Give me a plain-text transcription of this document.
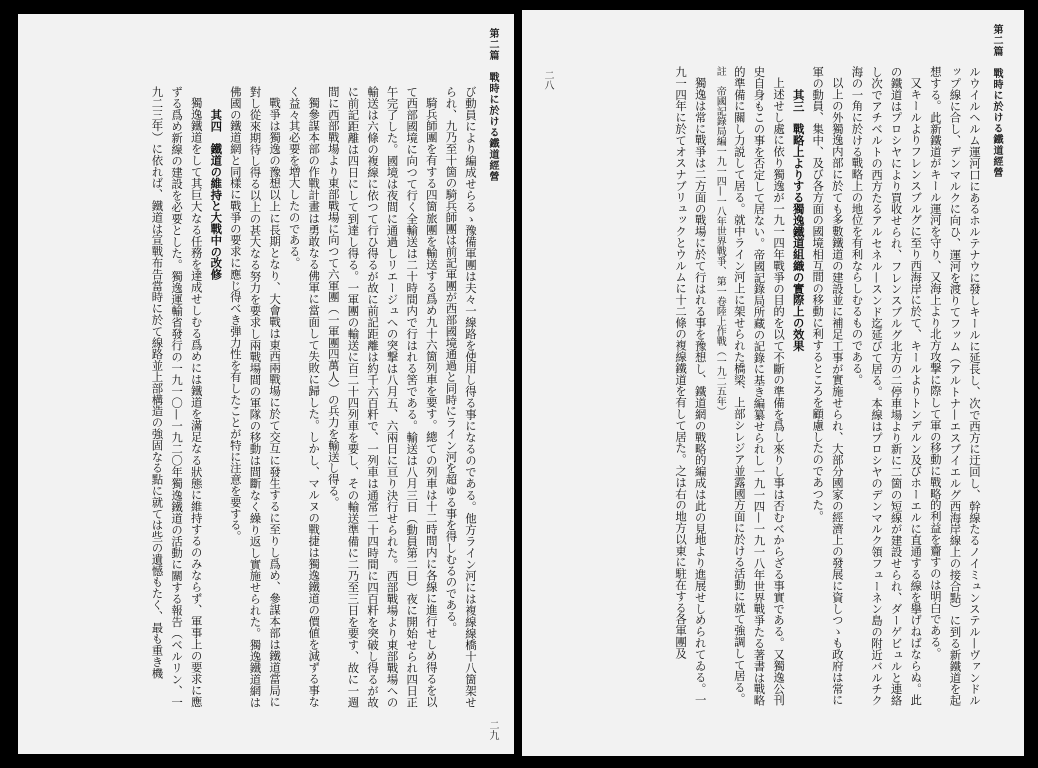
第二篇　戰時に於ける鐵道經營
二九

び動員により編成せらるゝ豫備軍團は夫々一線路を使用し得る事になるのである。他方ライン河には複線線橋十八箇架せられ、九乃至十箇の騎兵師團は前記軍團が西部國境通過と同時にライン河を超ゆる事を得しむるのである。

騎兵師團を有する四箇旅團を輸送する爲め九十六箇列車を要す。總ての列車は十二時間内に各線に進行せしめ得るを以て西部國境に向つて行く全輸送は二十時間内で行はれる筈である。輸送は八月三日（動員第二日）夜に開始せられ四日正午完了した。國境は夜間に通過しリエージュへの突撃は八月五、六兩日に亘り決行せられた。西部戰場より東部戰場への輸送は六條の複線に依つて行ひ得るが故に前記距離は約千六百粁で、一列車は通常二十四時間に四百粁を突破し得るが故に前記距離は四日にして到達し得る。一軍團の輸送に百二十四列車を要し、その輸送準備に二乃至三日を要す、故に一週間に西部戰場より東部戰場に向つて六軍團（一軍團四萬人）の兵力を輸送し得る。

獨參謀本部の作戰計畫は勇敢なる佛軍に當面して失敗に歸した。しかし、マルヌの戰捷は獨逸鐵道の價値を減ずる事なく益々其必要を増大したのである。

戰爭は獨逸の豫想以上に長期となり、大會戰は東西兩戰場に於て交互に發生するに至りし爲め、參謀本部は鐵道當局に對し從來期待し得る以上の甚大なる努力を要求し兩戰場間の軍隊の移動は間斷なく繰り返し實施せられた。獨逸鐵道網は佛國の鐵道網と同樣に戰爭の要求に應じ得べき弾力性を有したことが特に注意を要する。

其四　鐵道の維持と大戰中の改修

獨逸鐵道をして其巨大なる任務を達成せしむる爲めには鐵道を滿足なる狀態に維持するのみならず、軍事上の要求に應ずる爲め新線の建設を必要とした。獨逸運輸省發行の一九一〇—一九二〇年獨逸鐵道の活動に關する報告（ベルリン、一九二三年）に依れば、鐵道は宣戰布告當時に於て線路並上部構造の強固なる點に就ては些の遺憾もたく、最も重き機	第二篇　戰時に於ける鐵道經營
二八	ルウイルヘルム運河口にあるホルテナウに發しキールに延長し、次で西方に迂回し、幹線たるノイミュンステル—ヴァンドルップ線に合し、デンマルクに向ひ、運河を渡りてフッム（アルトナ—エスブイエルグ西海岸線上の接合點）に到る新鐵道を起想する。此新鐵道がキール運河を守り、又海上より北方攻撃に際して軍の移動に戰略的利益を齎すのは明白である。

又キールよりフレンスブルグに至り西海岸に於て、キールよりトンデルン及びホーエルに直通する線を擧げねばならぬ。此の鐵道はプロシヤにより買收せられ、フレンスブルグ北方の二停車場より新に二箇の短線が建設せられ、ダーゲビュルと連絡し次でアチベルトの西方たるアルセネル—スンド迄延びて居る。本線はプロシヤのデンマルク領フューネン島の附近バルチク海の一角に於ける戰略上の地位を有利ならしむるものである。

以上の外獨逸内部に於ても多數鐵道の建設並に補足工事が實施せられ、大部分國家の經濟上の發展に資しつゝも政府は常に軍の動員、集中、及び各方面の國境相互間の移動に利するところを顧慮したのであつた。

其三　戰略上よりする獨逸鐵道組織の實際上の效果

上述せし處に依り獨逸が一九一四年戰爭の目的を以て不斷の準備を爲し來りし事は否むべからざる事實である。又獨逸公刊史自身もこの事を否定して居ない。帝國記錄局所藏の記錄に基き編纂せられし一九一四—一九一八年世界戰爭たる著書は戰略的準備に關し力説して居る。就中ライン河上に架せられた橋梁、上部シレジア並露國方面に於ける活動に就て強調して居る。

註　帝國記錄局編一九一四—一八年世界戰爭、第一卷陸上作戰（一九二五年）

獨逸は常に戰爭は二方面の戰場に於て行はれる事を豫想し、鐵道網の戰略的編成は此の見地より進展せしめられてゐる。一九一四年に於てオスナブリュックとウルムに十二條の複線鐵道を有して居た。之は右の地方以東に駐在する各軍團及
